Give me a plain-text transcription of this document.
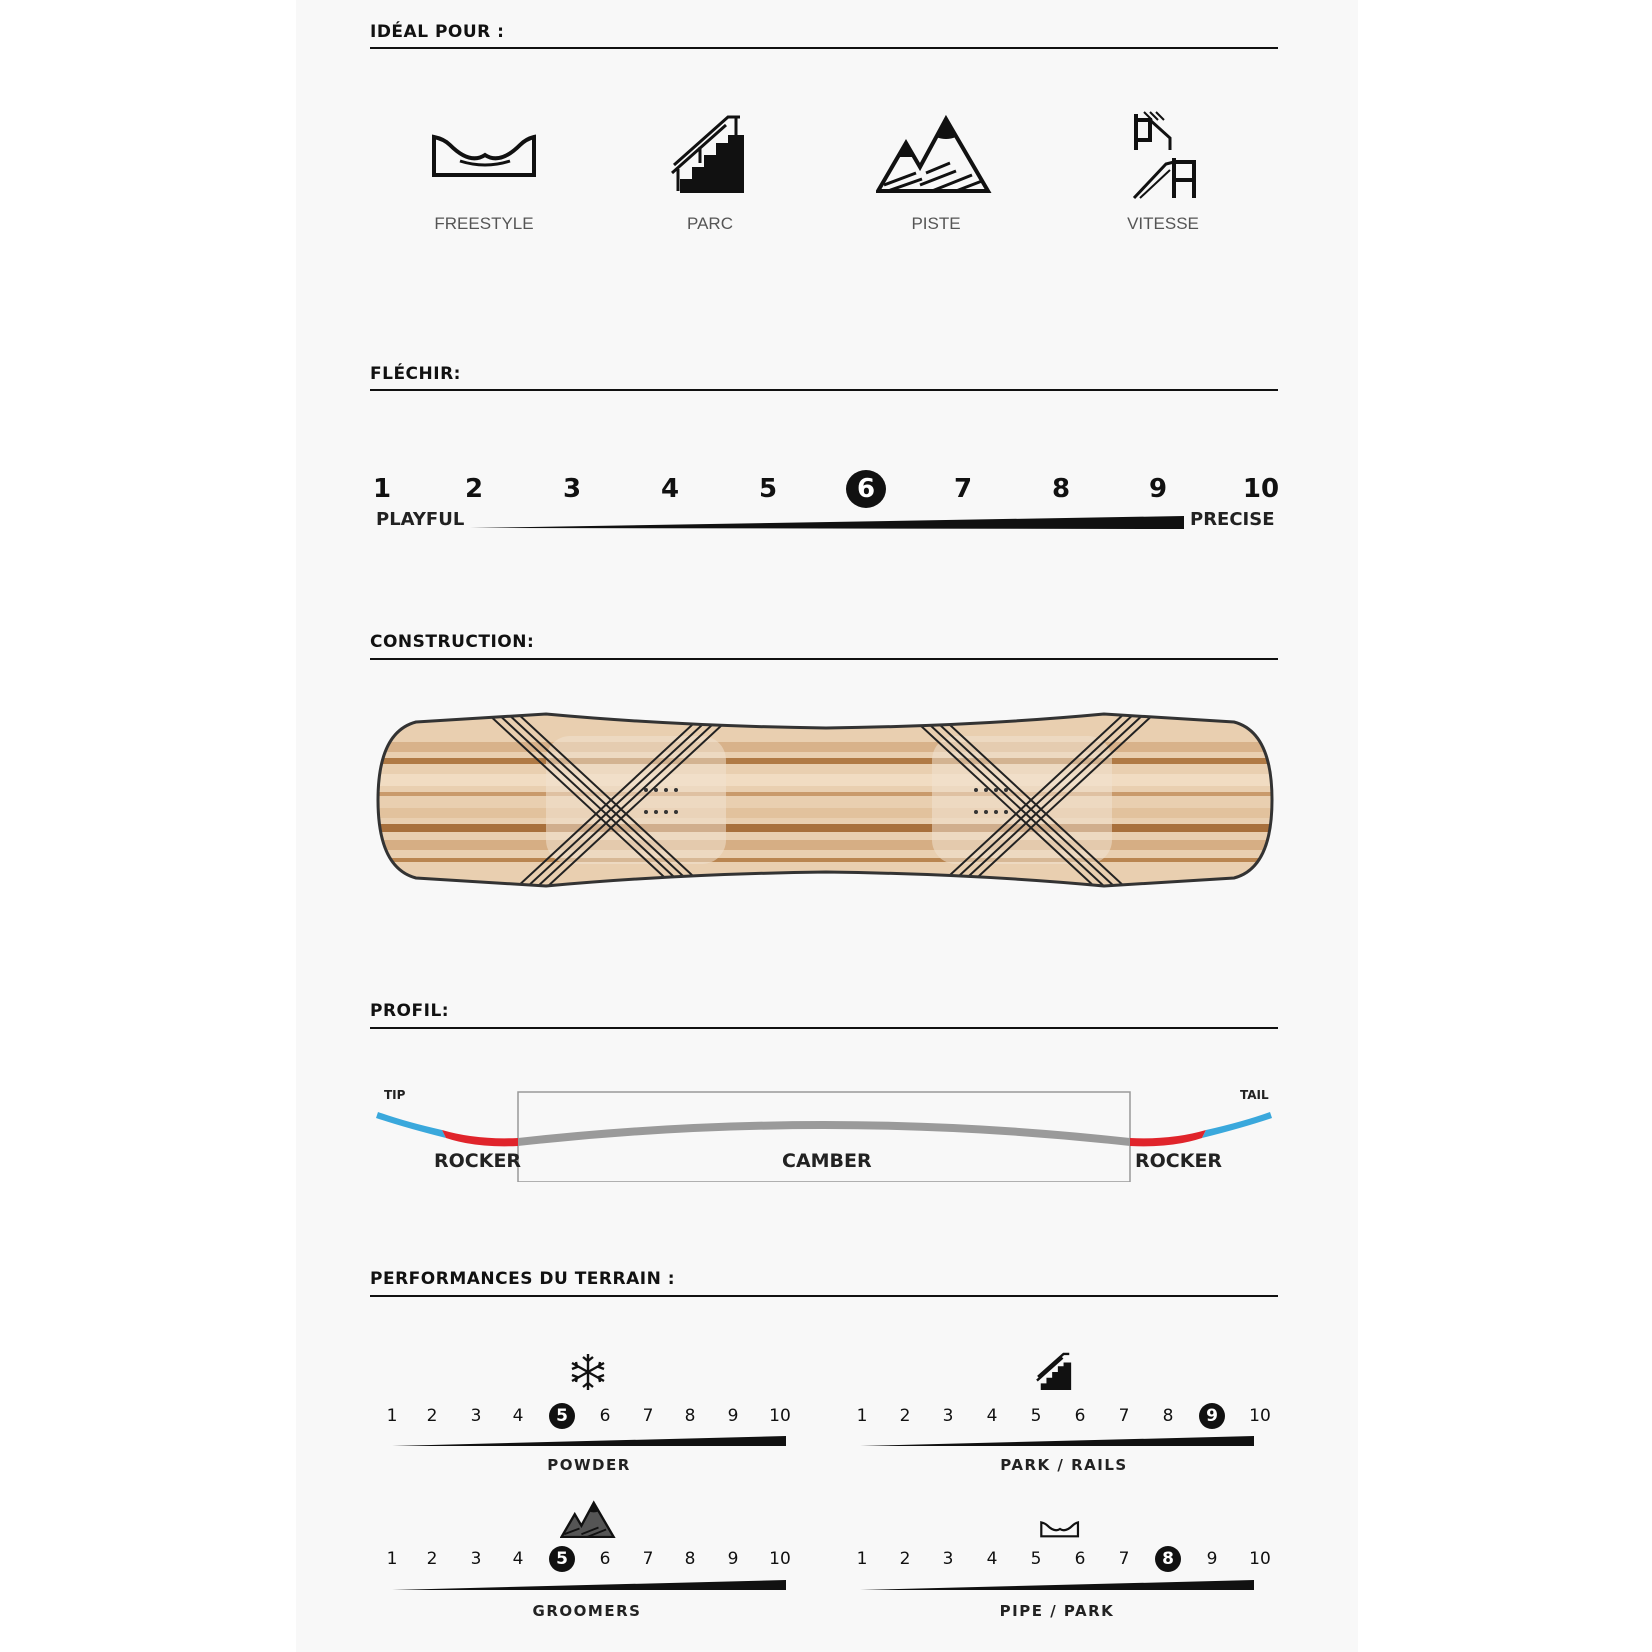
IDÉAL POUR :
FREESTYLE	PARC	PISTE	VITESSE
FLÉCHIR:
1	2	3	4	5	6	7	8	9	10
PLAYFUL	PRECISE
CONSTRUCTION:
PROFIL:
TIP	TAIL
ROCKER	CAMBER	ROCKER
PERFORMANCES DU TERRAIN :
1	2	3	4	5	6	7	8	9	10	1	2	3	4	5	6	7	8	9	10
1	2	3	4	5	6	7	8	9	10	1	2	3	4	5	6	7	8	9	10
POWDER	PARK / RAILS
GROOMERS	PIPE / PARK
